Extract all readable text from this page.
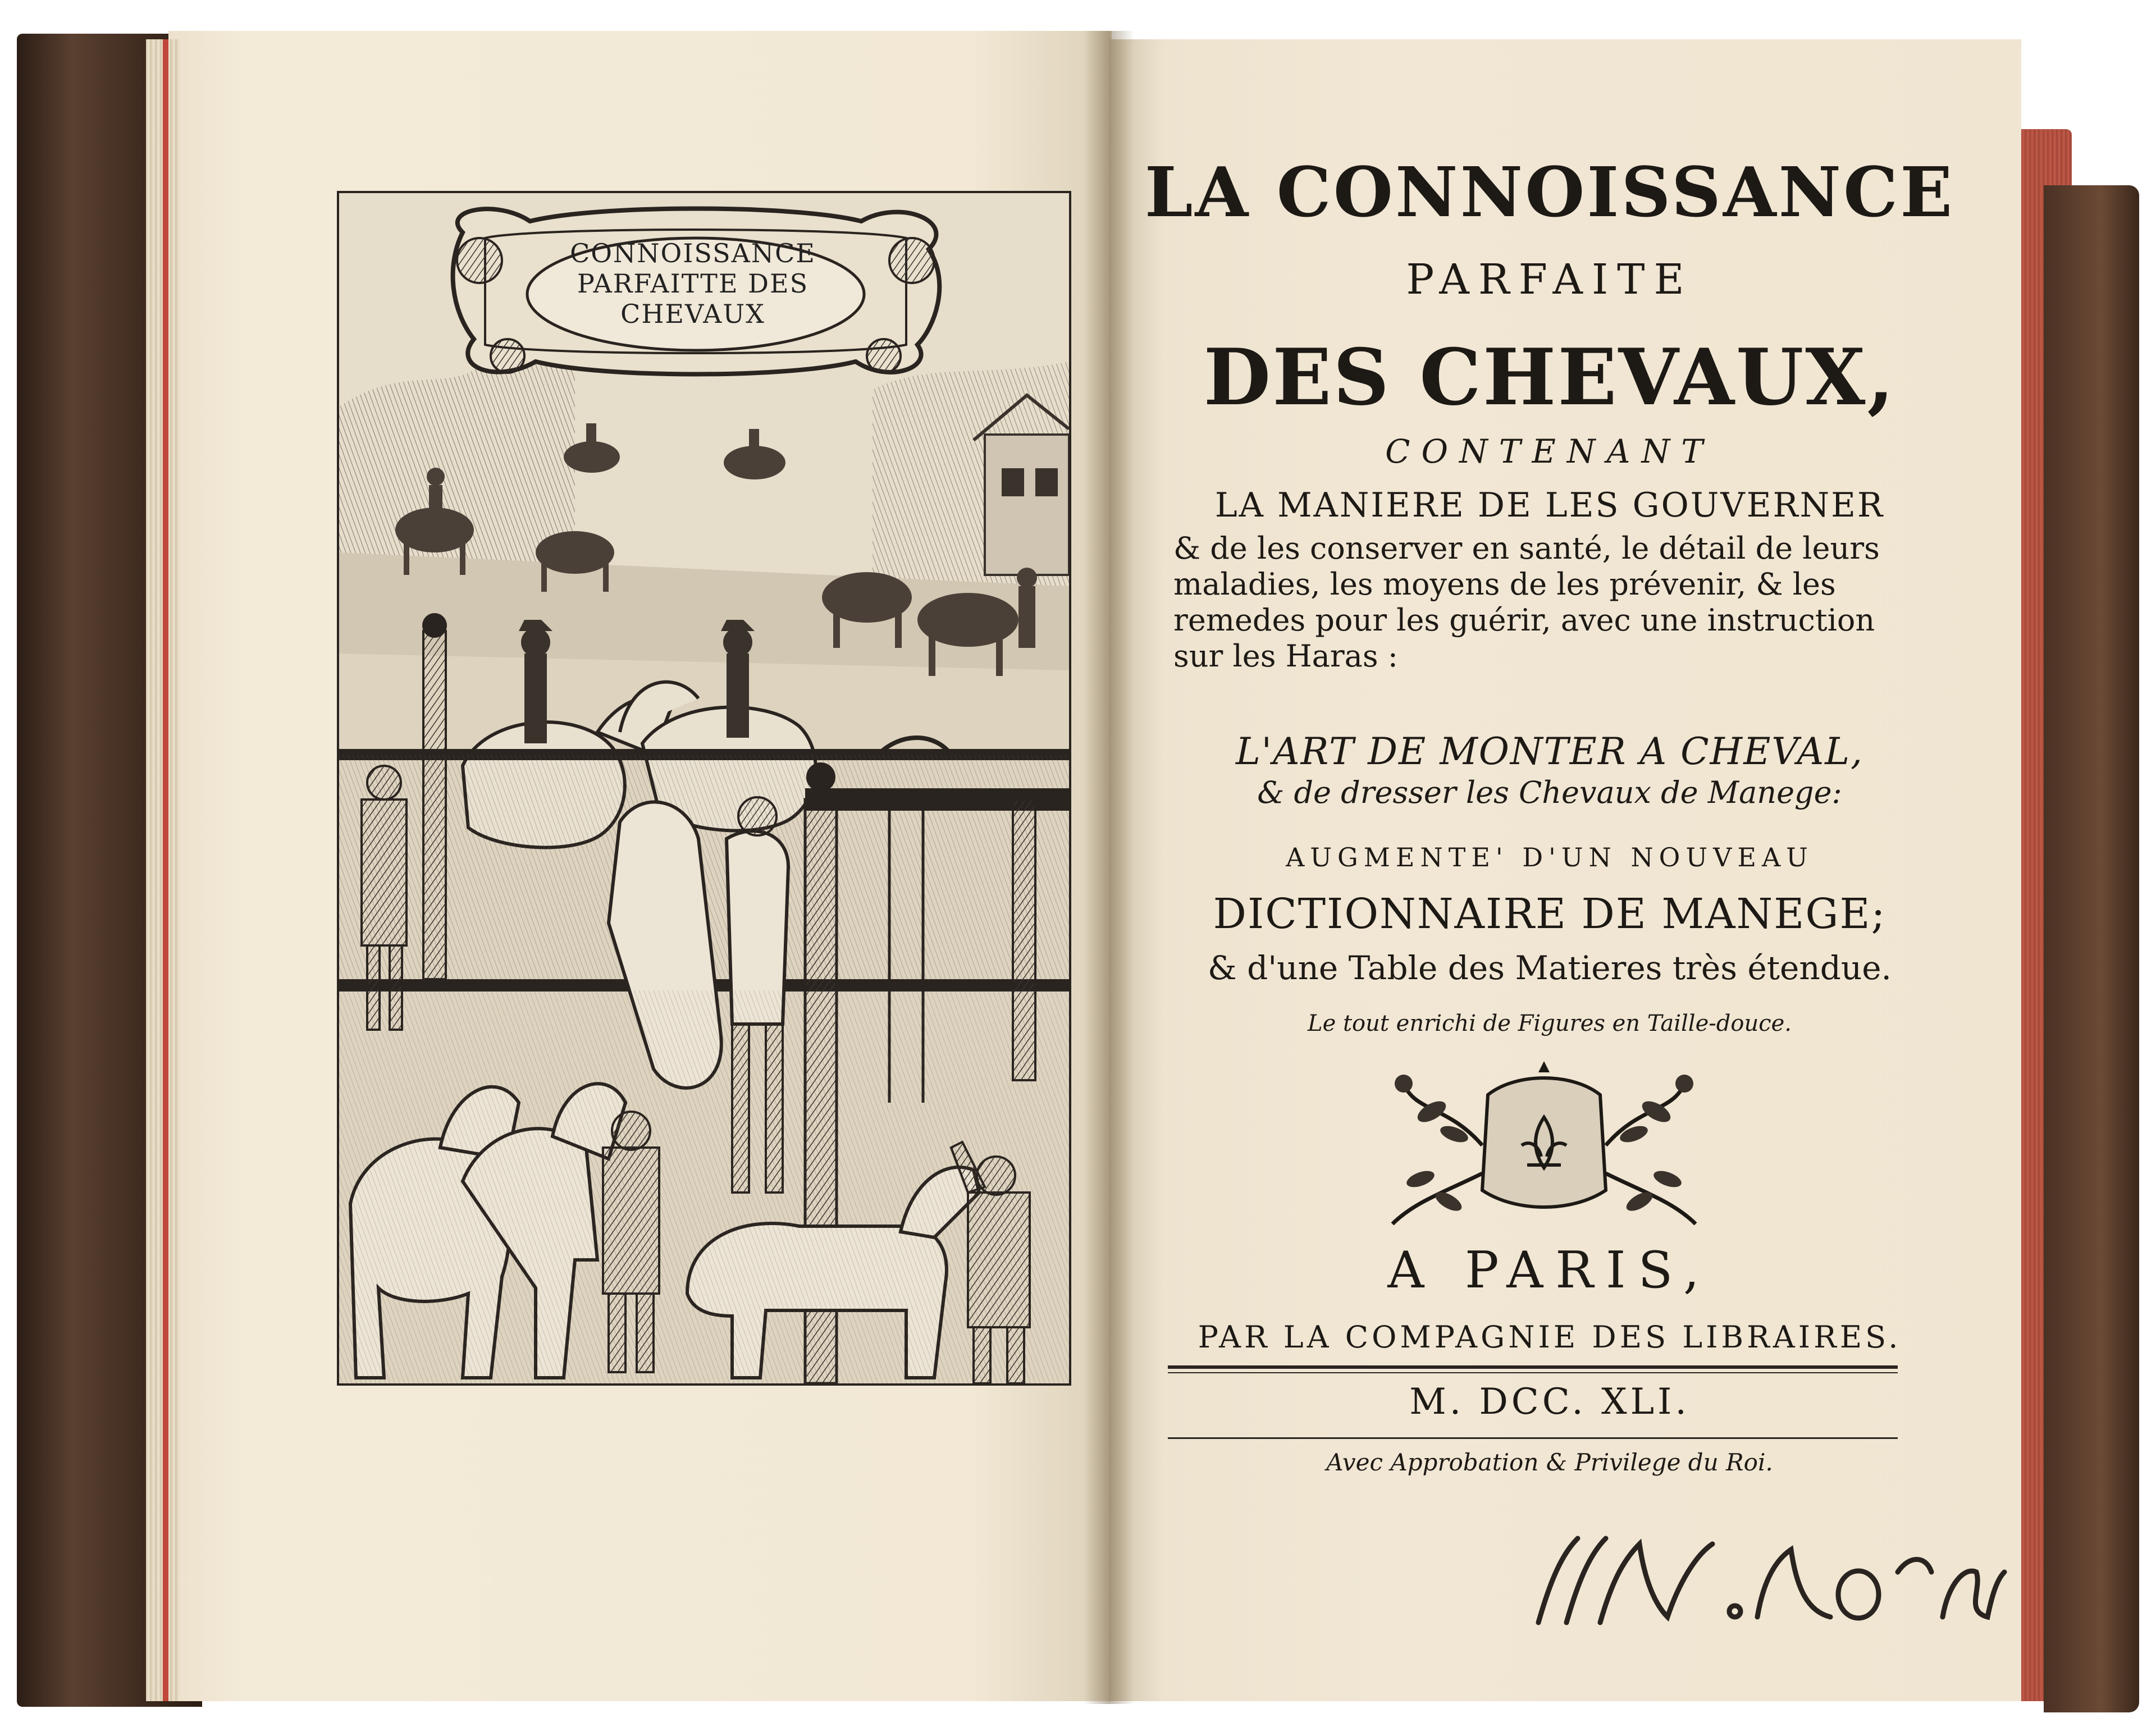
CONNOISSANCE
PARFAITTE DES
CHEVAUX
LA CONNOISSANCE
PARFAITE
DES CHEVAUX,
CONTENANT
LA MANIERE DE LES GOUVERNER
& de les conserver en santé, le détail de leurs
maladies, les moyens de les prévenir, & les
remedes pour les guérir, avec une instruction
sur les Haras :
L'ART DE MONTER A CHEVAL,
& de dresser les Chevaux de Manege:
AUGMENTE' D'UN NOUVEAU
DICTIONNAIRE DE MANEGE;
& d'une Table des Matieres très étendue.
Le tout enrichi de Figures en Taille-douce.
A PARIS,
PAR LA COMPAGNIE DES LIBRAIRES.
M. DCC. XLI.
Avec Approbation & Privilege du Roi.
